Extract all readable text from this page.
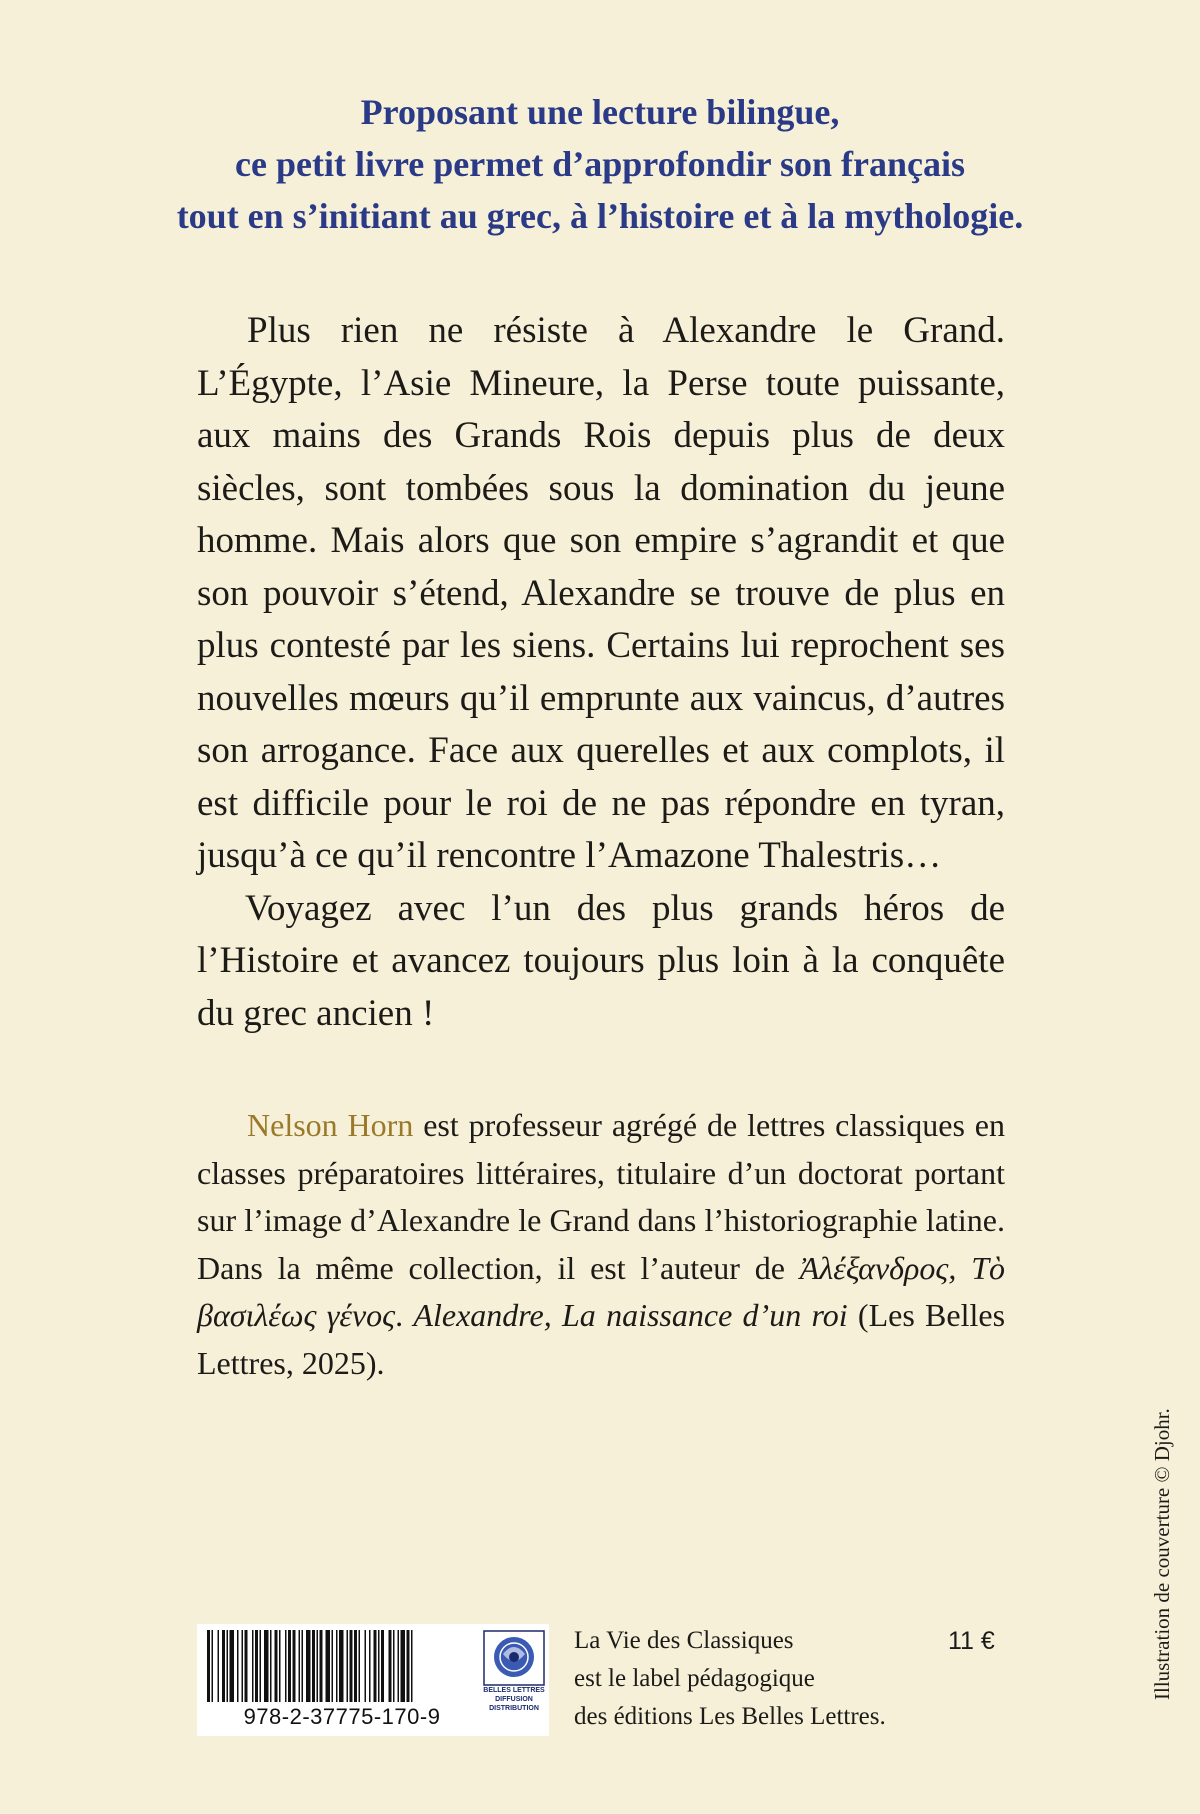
Proposant une lecture bilingue,
ce petit livre permet d’approfondir son français
tout en s’initiant au grec, à l’histoire et à la mythologie.

Plus rien ne résiste à Alexandre le Grand. L’Égypte, l’Asie Mineure, la Perse toute puissante, aux mains des Grands Rois depuis plus de deux siècles, sont tombées sous la domination du jeune homme. Mais alors que son empire s’agrandit et que son pouvoir s’étend, Alexandre se trouve de plus en plus contesté par les siens. Certains lui reprochent ses nouvelles mœurs qu’il emprunte aux vaincus, d’autres son arrogance. Face aux querelles et aux complots, il est difficile pour le roi de ne pas répondre en tyran, jusqu’à ce qu’il rencontre l’Amazone Thalestris…

Voyagez avec l’un des plus grands héros de l’Histoire et avancez toujours plus loin à la conquête du grec ancien !

Nelson Horn est professeur agrégé de lettres classiques en classes préparatoires littéraires, titulaire d’un doctorat portant sur l’image d’Alexandre le Grand dans l’historiographie latine. Dans la même collection, il est l’auteur de Ἀλέξανδρος, Τὸ βασιλέως γένος. Alexandre, La naissance d’un roi (Les Belles Lettres, 2025).
Illustration de couverture © Djohr.
978-2-37775-170-9
BELLES LETTRES
DIFFUSION
DISTRIBUTION
La Vie des Classiques
est le label pédagogique
des éditions Les Belles Lettres.
11 €
